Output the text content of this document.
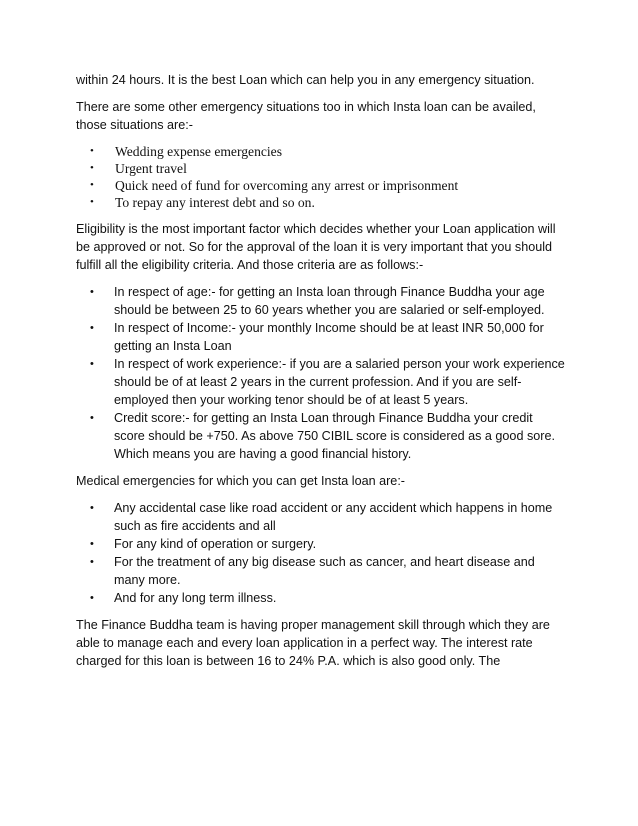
within 24 hours. It is the best Loan which can help you in any emergency situation.

There are some other emergency situations too in which Insta loan can be availed, those situations are:-

• Wedding expense emergencies
• Urgent travel
• Quick need of fund for overcoming any arrest or imprisonment
• To repay any interest debt and so on.

Eligibility is the most important factor which decides whether your Loan application will be approved or not. So for the approval of the loan it is very important that you should fulfill all the eligibility criteria. And those criteria are as follows:-

• In respect of age:- for getting an Insta loan through Finance Buddha your age should be between 25 to 60 years whether you are salaried or self-employed.
• In respect of Income:- your monthly Income should be at least INR 50,000 for getting an Insta Loan
• In respect of work experience:- if you are a salaried person your work experience should be of at least 2 years in the current profession. And if you are self-employed then your working tenor should be of at least 5 years.
• Credit score:- for getting an Insta Loan through Finance Buddha your credit score should be +750. As above 750 CIBIL score is considered as a good sore. Which means you are having a good financial history.

Medical emergencies for which you can get Insta loan are:-

• Any accidental case like road accident or any accident which happens in home such as fire accidents and all
• For any kind of operation or surgery.
• For the treatment of any big disease such as cancer, and heart disease and many more.
• And for any long term illness.

The Finance Buddha team is having proper management skill through which they are able to manage each and every loan application in a perfect way. The interest rate charged for this loan is between 16 to 24% P.A. which is also good only. The
